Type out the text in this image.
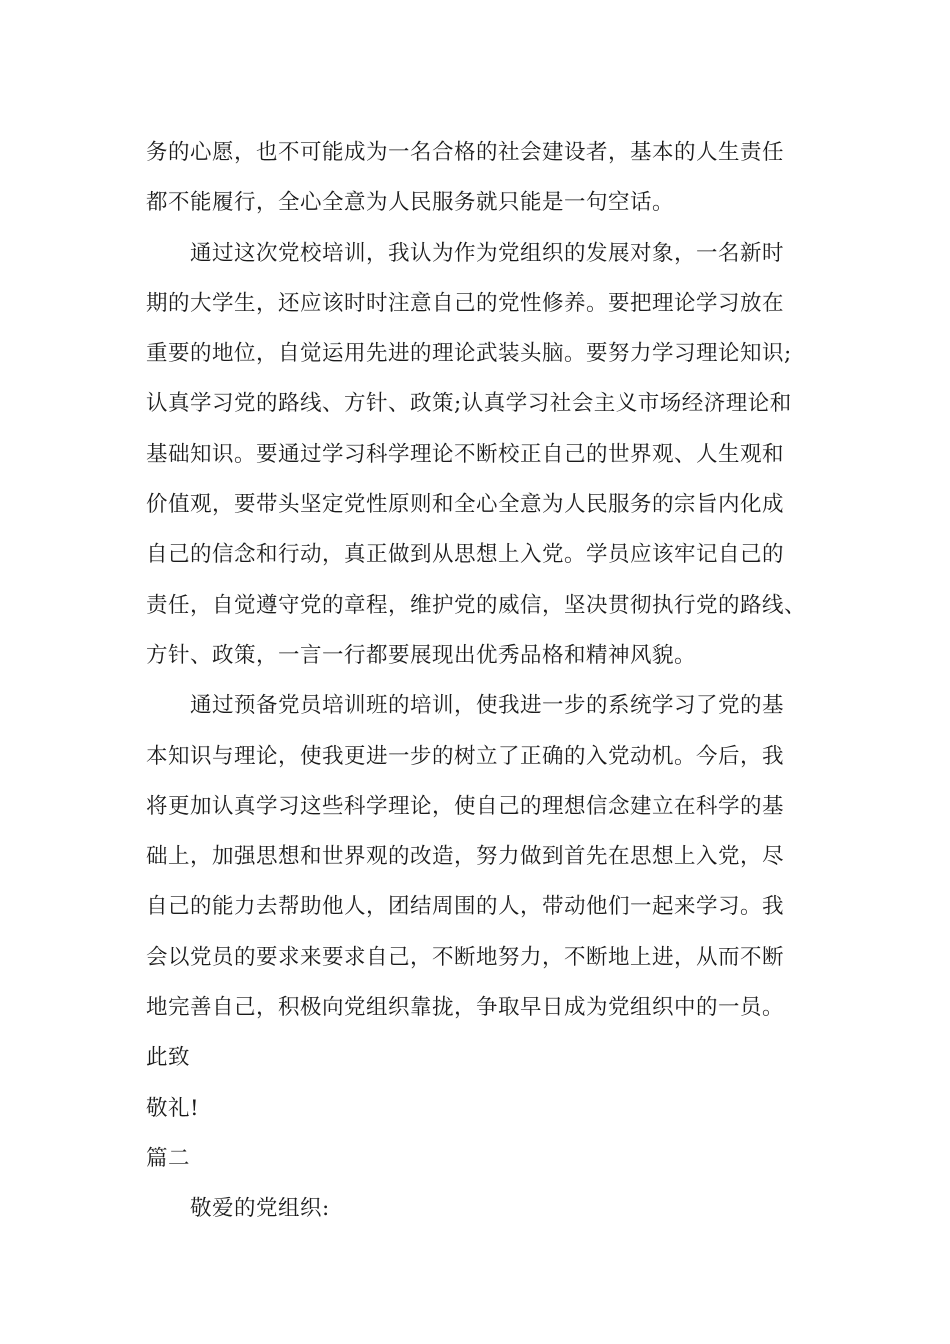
务的心愿，也不可能成为一名合格的社会建设者，基本的人生责任
都不能履行，全心全意为人民服务就只能是一句空话。
通过这次党校培训，我认为作为党组织的发展对象，一名新时
期的大学生，还应该时时注意自己的党性修养。要把理论学习放在
重要的地位，自觉运用先进的理论武装头脑。要努力学习理论知识;
认真学习党的路线、方针、政策;认真学习社会主义市场经济理论和
基础知识。要通过学习科学理论不断校正自己的世界观、人生观和
价值观，要带头坚定党性原则和全心全意为人民服务的宗旨内化成
自己的信念和行动，真正做到从思想上入党。学员应该牢记自己的
责任，自觉遵守党的章程，维护党的威信，坚决贯彻执行党的路线、
方针、政策，一言一行都要展现出优秀品格和精神风貌。
通过预备党员培训班的培训，使我进一步的系统学习了党的基
本知识与理论，使我更进一步的树立了正确的入党动机。今后，我
将更加认真学习这些科学理论，使自己的理想信念建立在科学的基
础上，加强思想和世界观的改造，努力做到首先在思想上入党，尽
自己的能力去帮助他人，团结周围的人，带动他们一起来学习。我
会以党员的要求来要求自己，不断地努力，不断地上进，从而不断
地完善自己，积极向党组织靠拢，争取早日成为党组织中的一员。
此致
敬礼!
篇二
敬爱的党组织:
